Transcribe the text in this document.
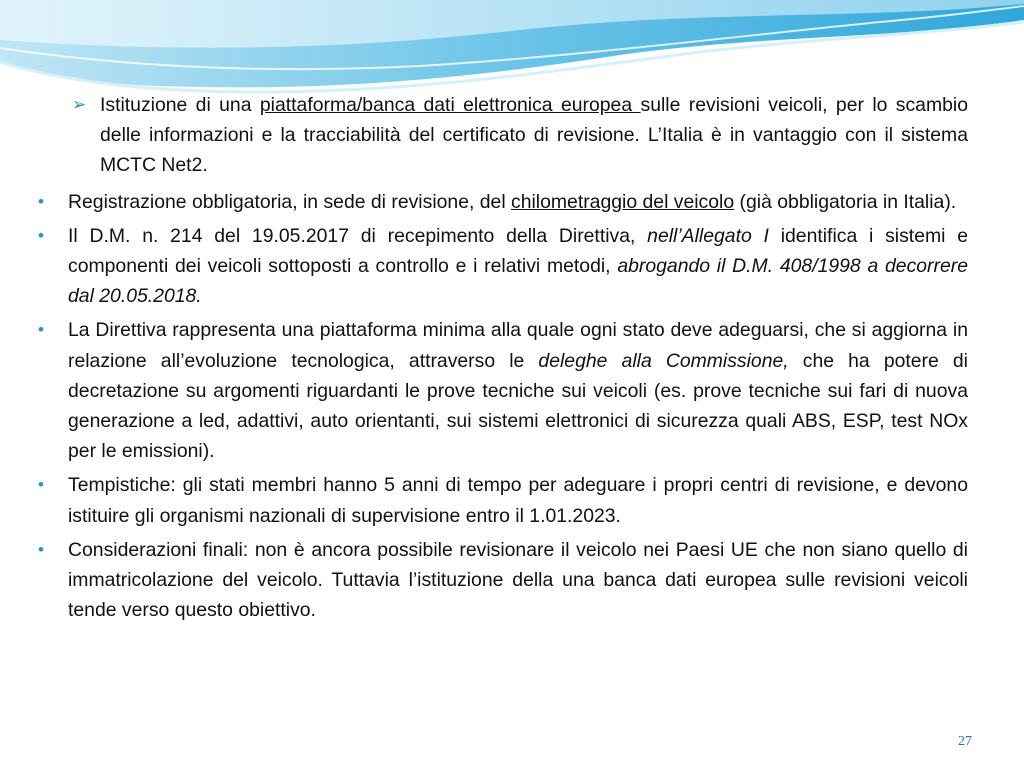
➢ Istituzione di una piattaforma/banca dati elettronica europea sulle revisioni veicoli, per lo scambio delle informazioni e la tracciabilità del certificato di revisione. L’Italia è in vantaggio con il sistema MCTC Net2.
• Registrazione obbligatoria, in sede di revisione, del chilometraggio del veicolo (già obbligatoria in Italia).
• Il D.M. n. 214 del 19.05.2017 di recepimento della Direttiva, nell’Allegato I identifica i sistemi e componenti dei veicoli sottoposti a controllo e i relativi metodi, abrogando il D.M. 408/1998 a decorrere dal 20.05.2018.
• La Direttiva rappresenta una piattaforma minima alla quale ogni stato deve adeguarsi, che si aggiorna in relazione all’evoluzione tecnologica, attraverso le deleghe alla Commissione, che ha potere di decretazione su argomenti riguardanti le prove tecniche sui veicoli (es. prove tecniche sui fari di nuova generazione a led, adattivi, auto orientanti, sui sistemi elettronici di sicurezza quali ABS, ESP, test NOx per le emissioni).
• Tempistiche: gli stati membri hanno 5 anni di tempo per adeguare i propri centri di revisione, e devono istituire gli organismi nazionali di supervisione entro il 1.01.2023.
• Considerazioni finali: non è ancora possibile revisionare il veicolo nei Paesi UE che non siano quello di immatricolazione del veicolo. Tuttavia l’istituzione della una banca dati europea sulle revisioni veicoli tende verso questo obiettivo.
27
